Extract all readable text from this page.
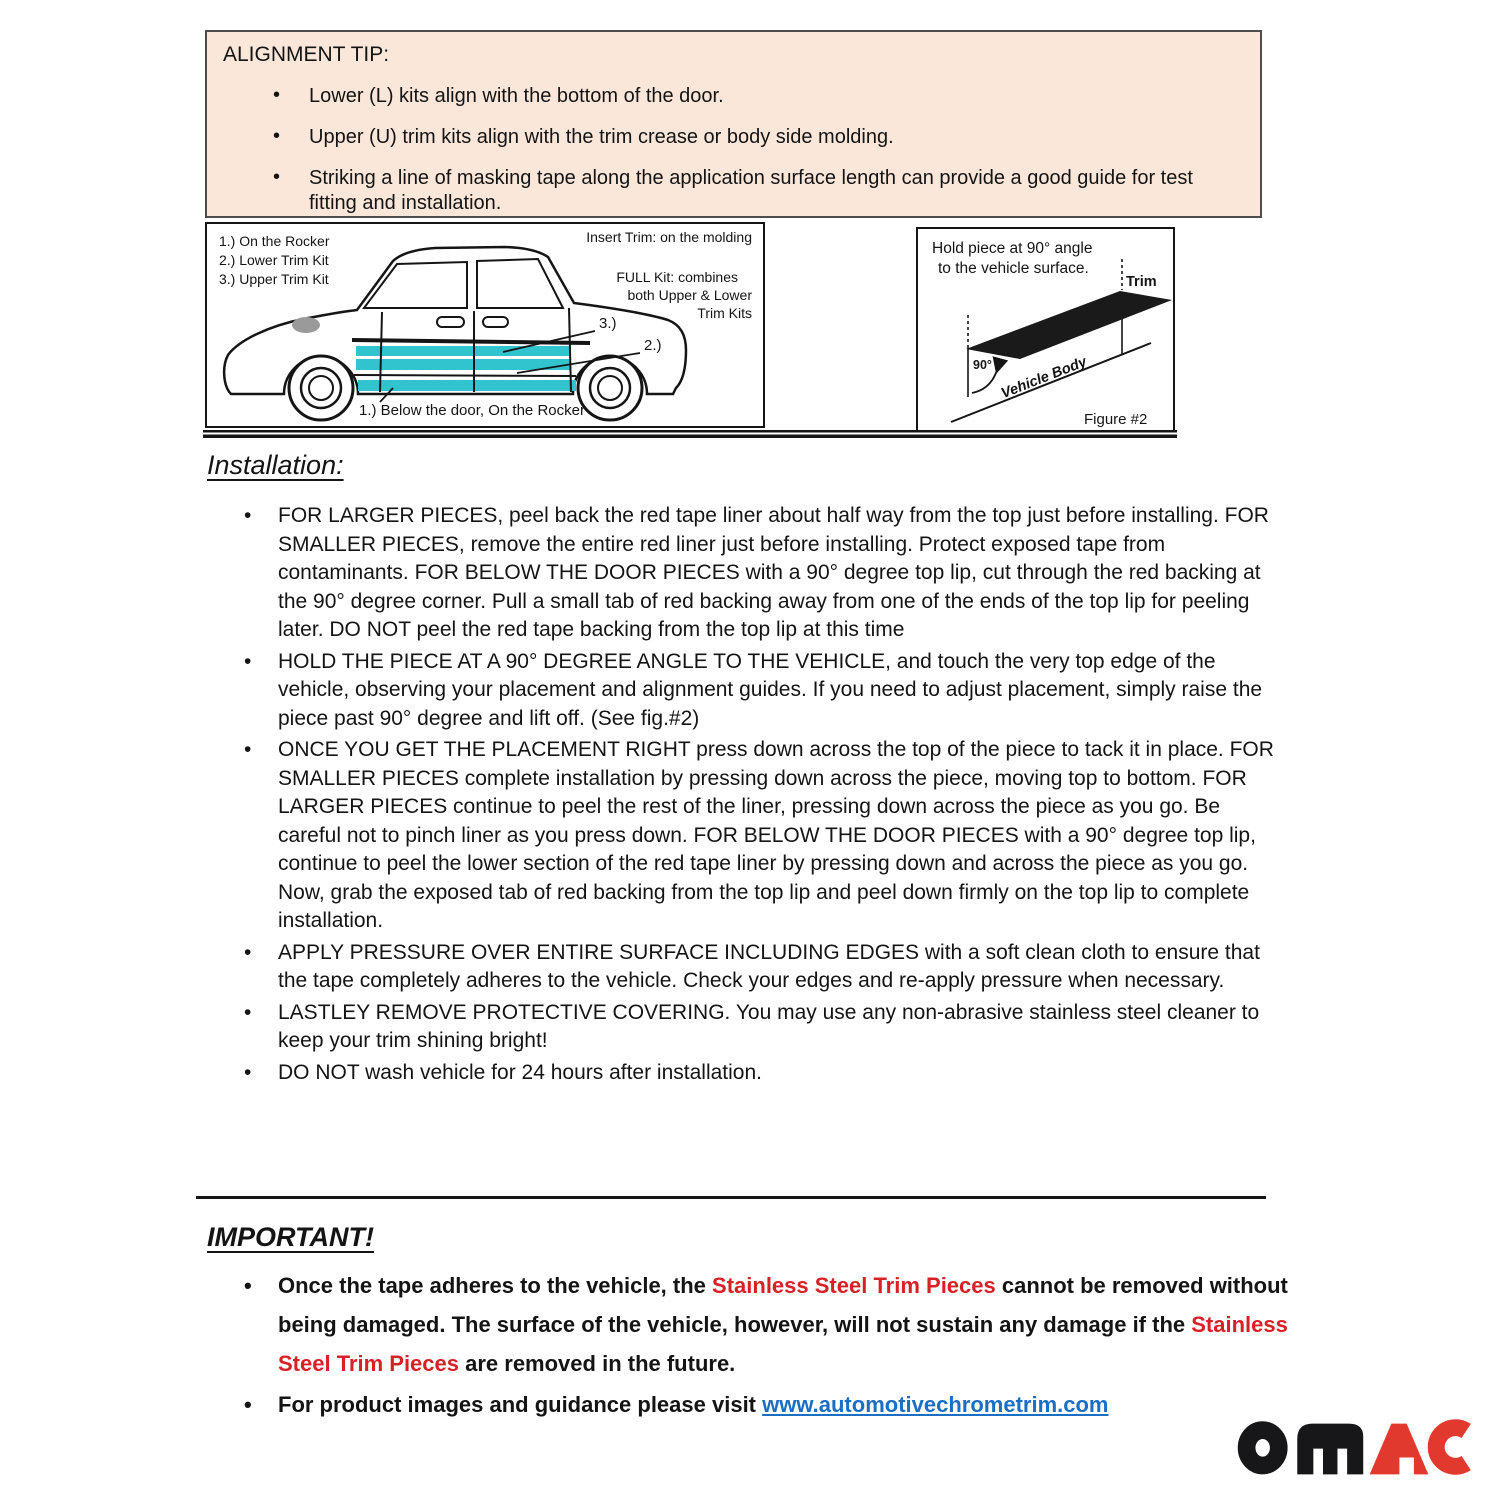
ALIGNMENT TIP:
• Lower (L) kits align with the bottom of the door.
• Upper (U) trim kits align with the trim crease or body side molding.
• Striking a line of masking tape along the application surface length can provide a good guide for test fitting and installation.
1.) On the Rocker
2.) Lower Trim Kit
3.) Upper Trim Kit
Insert Trim: on the molding
FULL Kit: combines
both Upper & Lower
Trim Kits
3.)
2.)
1.) Below the door, On the Rocker
Hold piece at 90° angle
to the vehicle surface.
90°
Trim
Vehicle Body
Figure #2
Installation:
• FOR LARGER PIECES, peel back the red tape liner about half way from the top just before installing. FOR SMALLER PIECES, remove the entire red liner just before installing. Protect exposed tape from contaminants. FOR BELOW THE DOOR PIECES with a 90° degree top lip, cut through the red backing at the 90° degree corner. Pull a small tab of red backing away from one of the ends of the top lip for peeling later. DO NOT peel the red tape backing from the top lip at this time
• HOLD THE PIECE AT A 90° DEGREE ANGLE TO THE VEHICLE, and touch the very top edge of the vehicle, observing your placement and alignment guides. If you need to adjust placement, simply raise the piece past 90° degree and lift off. (See fig.#2)
• ONCE YOU GET THE PLACEMENT RIGHT press down across the top of the piece to tack it in place. FOR SMALLER PIECES complete installation by pressing down across the piece, moving top to bottom. FOR LARGER PIECES continue to peel the rest of the liner, pressing down across the piece as you go. Be careful not to pinch liner as you press down. FOR BELOW THE DOOR PIECES with a 90° degree top lip, continue to peel the lower section of the red tape liner by pressing down and across the piece as you go. Now, grab the exposed tab of red backing from the top lip and peel down firmly on the top lip to complete installation.
• APPLY PRESSURE OVER ENTIRE SURFACE INCLUDING EDGES with a soft clean cloth to ensure that the tape completely adheres to the vehicle. Check your edges and re-apply pressure when necessary.
• LASTLEY REMOVE PROTECTIVE COVERING. You may use any non-abrasive stainless steel cleaner to keep your trim shining bright!
• DO NOT wash vehicle for 24 hours after installation.
IMPORTANT!
• Once the tape adheres to the vehicle, the Stainless Steel Trim Pieces cannot be removed without being damaged. The surface of the vehicle, however, will not sustain any damage if the Stainless Steel Trim Pieces are removed in the future.
• For product images and guidance please visit www.automotivechrometrim.com
